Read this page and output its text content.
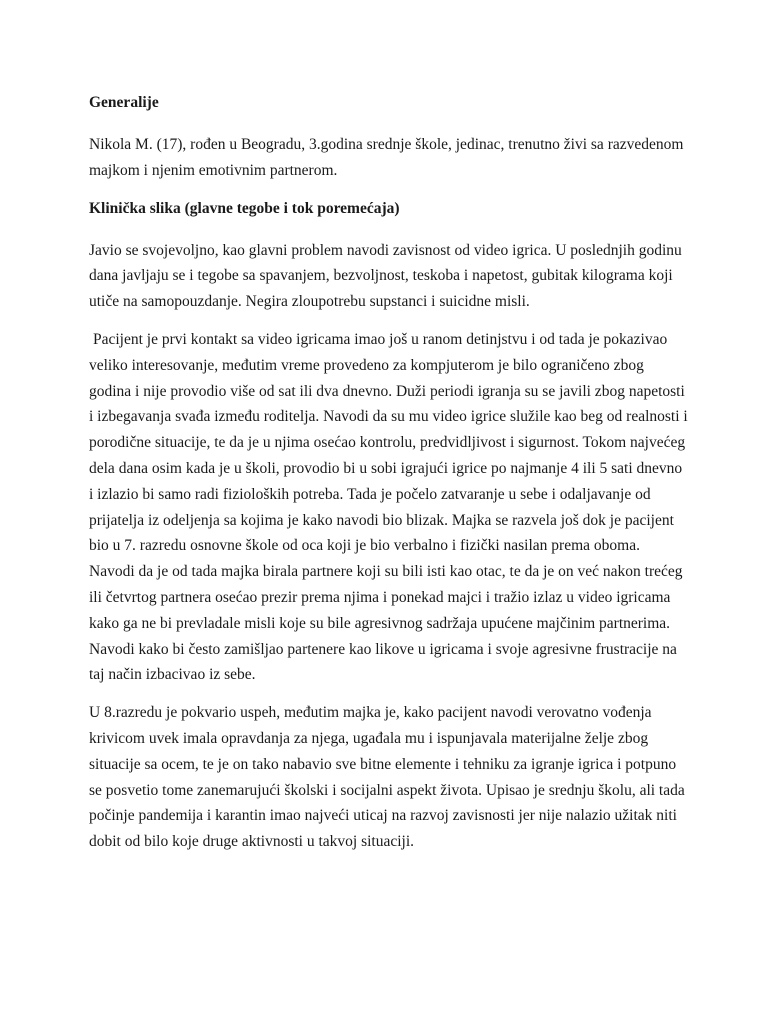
Generalije
Nikola M. (17), rođen u Beogradu, 3.godina srednje škole, jedinac, trenutno živi sa razvedenom majkom i njenim emotivnim partnerom.
Klinička slika (glavne tegobe i tok poremećaja)
Javio se svojevoljno, kao glavni problem navodi zavisnost od video igrica. U poslednjih godinu dana javljaju se i tegobe sa spavanjem, bezvoljnost, teskoba i napetost, gubitak kilograma koji utiče na samopouzdanje. Negira zloupotrebu supstanci i suicidne misli.
Pacijent je prvi kontakt sa video igricama imao još u ranom detinjstvu i od tada je pokazivao veliko interesovanje, međutim vreme provedeno za kompjuterom je bilo ograničeno zbog godina i nije provodio više od sat ili dva dnevno. Duži periodi igranja su se javili zbog napetosti i izbegavanja svađa između roditelja. Navodi da su mu video igrice služile kao beg od realnosti i porodične situacije, te da je u njima osećao kontrolu, predvidljivost i sigurnost. Tokom najvećeg dela dana osim kada je u školi, provodio bi u sobi igrajući igrice po najmanje 4 ili 5 sati dnevno i izlazio bi samo radi fizioloških potreba. Tada je počelo zatvaranje u sebe i odaljavanje od prijatelja iz odeljenja sa kojima je kako navodi bio blizak. Majka se razvela još dok je pacijent bio u 7. razredu osnovne škole od oca koji je bio verbalno i fizički nasilan prema oboma. Navodi da je od tada majka birala partnere koji su bili isti kao otac, te da je on već nakon trećeg ili četvrtog partnera osećao prezir prema njima i ponekad majci i tražio izlaz u video igricama kako ga ne bi prevladale misli koje su bile agresivnog sadržaja upućene majčinim partnerima. Navodi kako bi često zamišljao partenere kao likove u igricama i svoje agresivne frustracije na taj način izbacivao iz sebe.
U 8.razredu je pokvario uspeh, međutim majka je, kako pacijent navodi verovatno vođenja krivicom uvek imala opravdanja za njega, ugađala mu i ispunjavala materijalne želje zbog situacije sa ocem, te je on tako nabavio sve bitne elemente i tehniku za igranje igrica i potpuno se posvetio tome zanemarujući školski i socijalni aspekt života. Upisao je srednju školu, ali tada počinje pandemija i karantin imao najveći uticaj na razvoj zavisnosti jer nije nalazio užitak niti dobit od bilo koje druge aktivnosti u takvoj situaciji.
